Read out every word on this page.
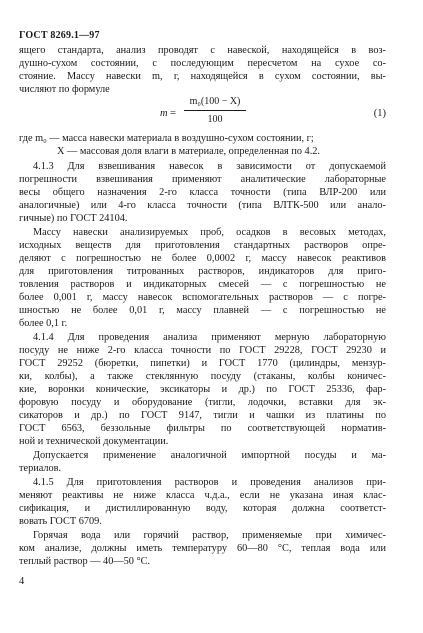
ГОСТ 8269.1—97
ящего стандарта, анализ проводят с навеской, находящейся в воз-
душно-сухом состоянии, с последующим пересчетом на сухое со-
стояние. Массу навески m, г, находящейся в сухом состоянии, вы-
числяют по формуле
m =
m₀(100 − X)
100
(1)
где m₀ — масса навески материала в воздушно-сухом состоянии, г;
X — массовая доля влаги в материале, определенная по 4.2.
4.1.3 Для взвешивания навесок в зависимости от допускаемой
погрешности взвешивания применяют аналитические лабораторные
весы общего назначения 2-го класса точности (типа ВЛР-200 или
аналогичные) или 4-го класса точности (типа ВЛТК-500 или анало-
гичные) по ГОСТ 24104.
Массу навески анализируемых проб, осадков в весовых методах,
исходных веществ для приготовления стандартных растворов опре-
деляют с погрешностью не более 0,0002 г, массу навесок реактивов
для приготовления титрованных растворов, индикаторов для приго-
товления растворов и индикаторных смесей — с погрешностью не
более 0,001 г, массу навесок вспомогательных растворов — с погре-
шностью не более 0,01 г, массу плавней — с погрешностью не
более 0,1 г.
4.1.4 Для проведения анализа применяют мерную лабораторную
посуду не ниже 2-го класса точности по ГОСТ 29228, ГОСТ 29230 и
ГОСТ 29252 (бюретки, пипетки) и ГОСТ 1770 (цилиндры, мензур-
ки, колбы), а также стеклянную посуду (стаканы, колбы коничес-
кие, воронки конические, эксикаторы и др.) по ГОСТ 25336, фар-
форовую посуду и оборудование (тигли, лодочки, вставки для эк-
сикаторов и др.) по ГОСТ 9147, тигли и чашки из платины по
ГОСТ 6563, беззольные фильтры по соответствующей норматив-
ной и технической документации.
Допускается применение аналогичной импортной посуды и ма-
териалов.
4.1.5 Для приготовления растворов и проведения анализов при-
меняют реактивы не ниже класса ч.д.а., если не указана иная клас-
сификация, и дистиллированную воду, которая должна соответст-
вовать ГОСТ 6709.
Горячая вода или горячий раствор, применяемые при химичес-
ком анализе, должны иметь температуру 60—80 °С, теплая вода или
теплый раствор — 40—50 °С.
4
